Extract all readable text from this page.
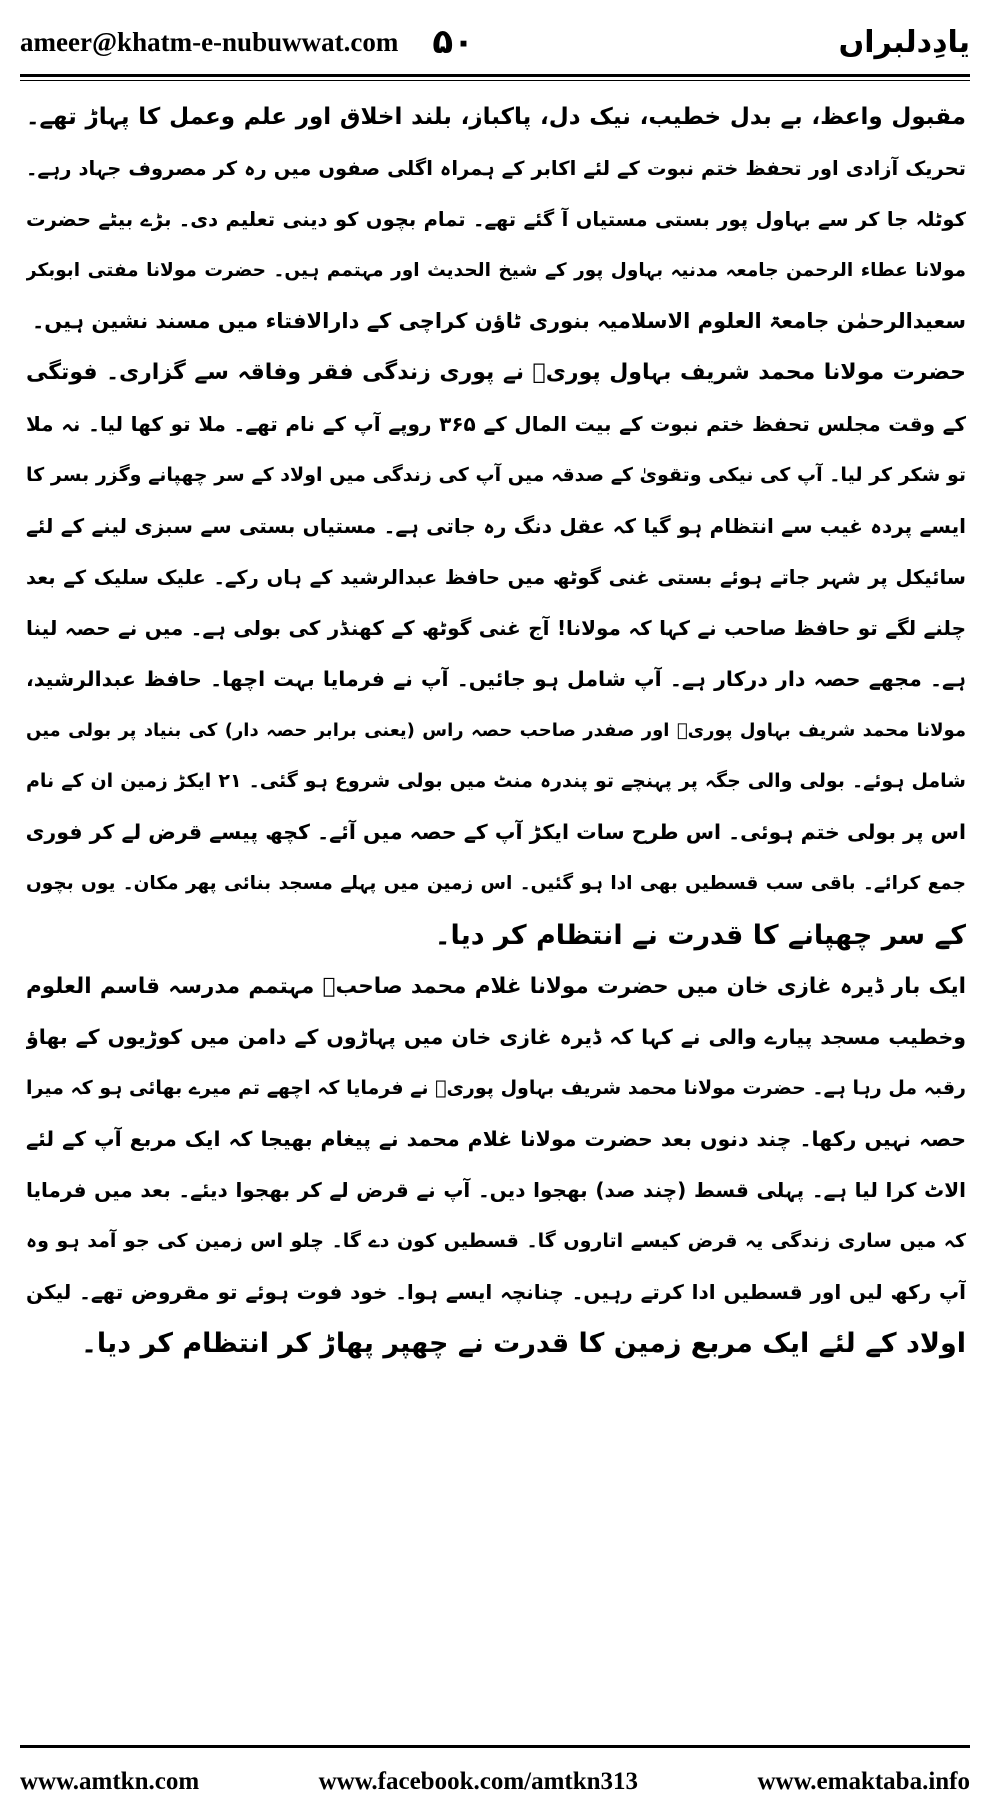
ameer@khatm-e-nubuwwat.com ۵۰	یادِدلبراں
مقبول واعظ، بے بدل خطیب، نیک دل، پاکباز، بلند اخلاق اور علم وعمل کا پہاڑ تھے۔
تحریک آزادی اور تحفظ ختم نبوت کے لئے اکابر کے ہمراہ اگلی صفوں میں رہ کر مصروف جہاد رہے۔
کوٹلہ جا کر سے بہاول پور بستی مستیاں آ گئے تھے۔ تمام بچوں کو دینی تعلیم دی۔ بڑے بیٹے حضرت
مولانا عطاء الرحمن جامعہ مدنیہ بہاول پور کے شیخ الحدیث اور مہتمم ہیں۔ حضرت مولانا مفتی ابوبکر
سعیدالرحمٰن جامعۃ العلوم الاسلامیہ بنوری ٹاؤن کراچی کے دارالافتاء میں مسند نشین ہیں۔
حضرت مولانا محمد شریف بہاول پوریؒ نے پوری زندگی فقر وفاقہ سے گزاری۔ فوتگی
کے وقت مجلس تحفظ ختم نبوت کے بیت المال کے ۳۶۵ روپے آپ کے نام تھے۔ ملا تو کھا لیا۔ نہ ملا
تو شکر کر لیا۔ آپ کی نیکی وتقویٰ کے صدقہ میں آپ کی زندگی میں اولاد کے سر چھپانے وگزر بسر کا
ایسے پردہ غیب سے انتظام ہو گیا کہ عقل دنگ رہ جاتی ہے۔ مستیاں بستی سے سبزی لینے کے لئے
سائیکل پر شہر جاتے ہوئے بستی غنی گوٹھ میں حافظ عبدالرشید کے ہاں رکے۔ علیک سلیک کے بعد
چلنے لگے تو حافظ صاحب نے کہا کہ مولانا! آج غنی گوٹھ کے کھنڈر کی بولی ہے۔ میں نے حصہ لینا
ہے۔ مجھے حصہ دار درکار ہے۔ آپ شامل ہو جائیں۔ آپ نے فرمایا بہت اچھا۔ حافظ عبدالرشید،
مولانا محمد شریف بہاول پوریؒ اور صفدر صاحب حصہ راس (یعنی برابر حصہ دار) کی بنیاد پر بولی میں
شامل ہوئے۔ بولی والی جگہ پر پہنچے تو پندرہ منٹ میں بولی شروع ہو گئی۔ ۲۱ ایکڑ زمین ان کے نام
اس پر بولی ختم ہوئی۔ اس طرح سات ایکڑ آپ کے حصہ میں آئے۔ کچھ پیسے قرض لے کر فوری
جمع کرائے۔ باقی سب قسطیں بھی ادا ہو گئیں۔ اس زمین میں پہلے مسجد بنائی پھر مکان۔ یوں بچوں
کے سر چھپانے کا قدرت نے انتظام کر دیا۔
ایک بار ڈیرہ غازی خان میں حضرت مولانا غلام محمد صاحبؒ مہتمم مدرسہ قاسم العلوم
وخطیب مسجد پیارے والی نے کہا کہ ڈیرہ غازی خان میں پہاڑوں کے دامن میں کوڑیوں کے بھاؤ
رقبہ مل رہا ہے۔ حضرت مولانا محمد شریف بہاول پوریؒ نے فرمایا کہ اچھے تم میرے بھائی ہو کہ میرا
حصہ نہیں رکھا۔ چند دنوں بعد حضرت مولانا غلام محمد نے پیغام بھیجا کہ ایک مربع آپ کے لئے
الاٹ کرا لیا ہے۔ پہلی قسط (چند صد) بھجوا دیں۔ آپ نے قرض لے کر بھجوا دیئے۔ بعد میں فرمایا
کہ میں ساری زندگی یہ قرض کیسے اتاروں گا۔ قسطیں کون دے گا۔ چلو اس زمین کی جو آمد ہو وہ
آپ رکھ لیں اور قسطیں ادا کرتے رہیں۔ چنانچہ ایسے ہوا۔ خود فوت ہوئے تو مقروض تھے۔ لیکن
اولاد کے لئے ایک مربع زمین کا قدرت نے چھپر پھاڑ کر انتظام کر دیا۔
www.amtkn.com	www.facebook.com/amtkn313	www.emaktaba.info
